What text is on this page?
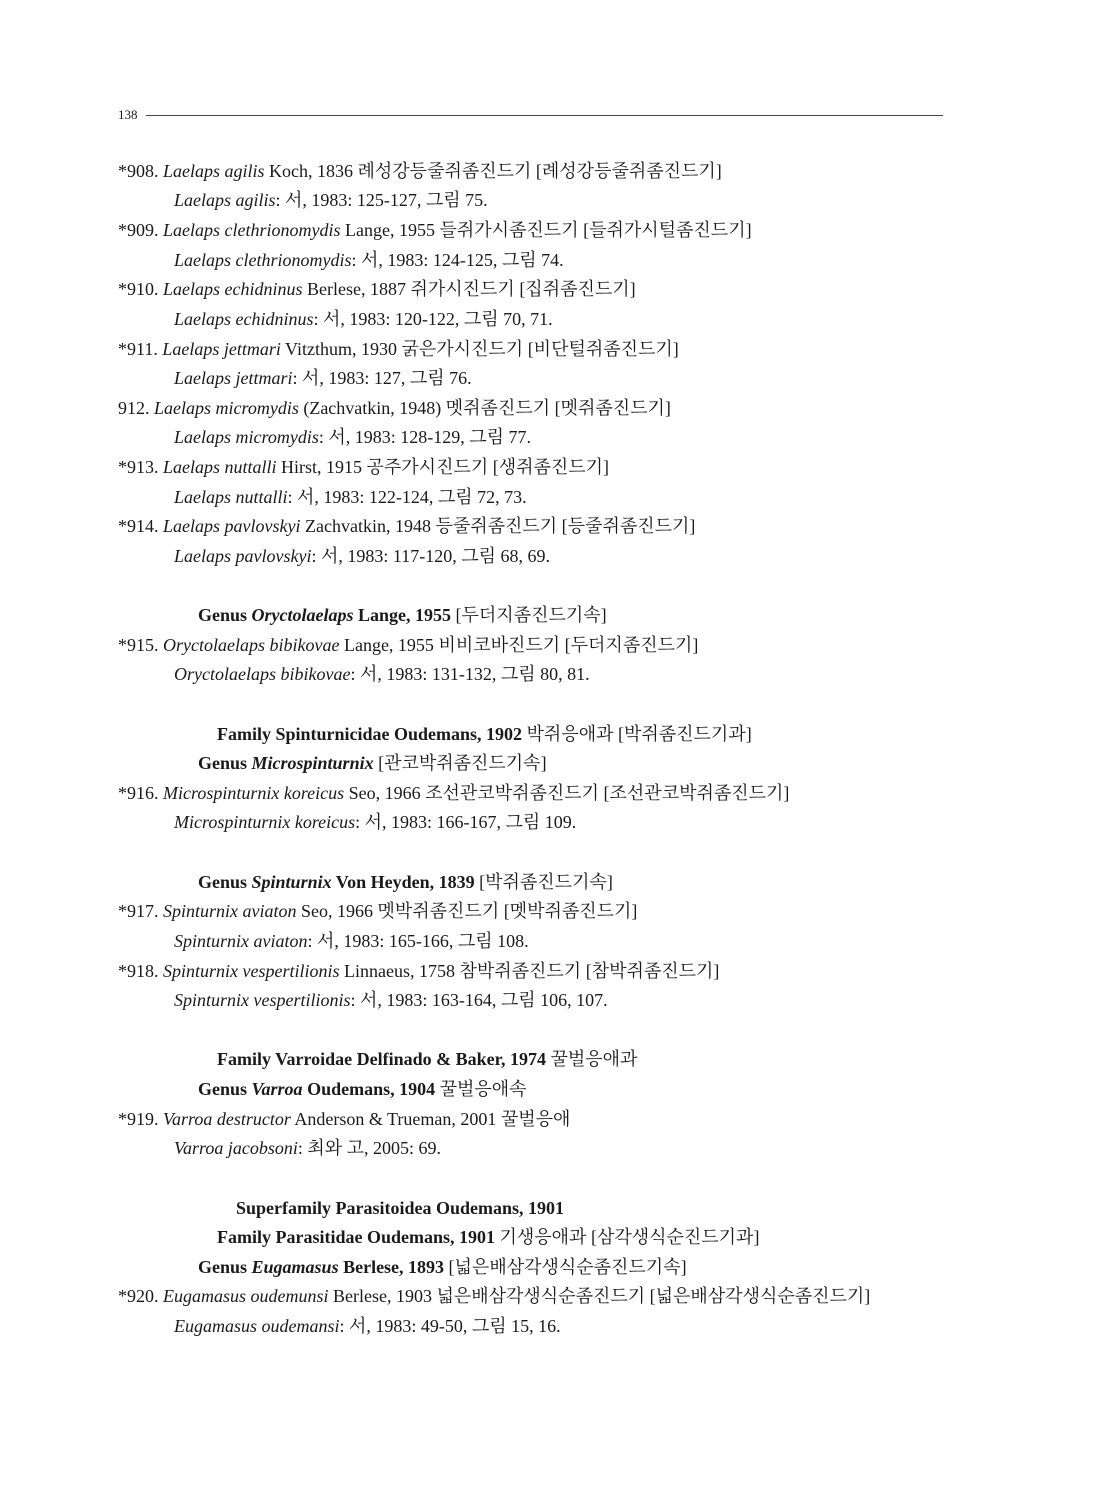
138
*908. Laelaps agilis Koch, 1836 례성강등줄쥐좀진드기 [례성강등줄쥐좀진드기]
Laelaps agilis: 서, 1983: 125-127, 그림 75.
*909. Laelaps clethrionomydis Lange, 1955 들쥐가시좀진드기 [들쥐가시털좀진드기]
Laelaps clethrionomydis: 서, 1983: 124-125, 그림 74.
*910. Laelaps echidninus Berlese, 1887 쥐가시진드기 [집쥐좀진드기]
Laelaps echidninus: 서, 1983: 120-122, 그림 70, 71.
*911. Laelaps jettmari Vitzthum, 1930 굵은가시진드기 [비단털쥐좀진드기]
Laelaps jettmari: 서, 1983: 127, 그림 76.
912. Laelaps micromydis (Zachvatkin, 1948) 멧쥐좀진드기 [멧쥐좀진드기]
Laelaps micromydis: 서, 1983: 128-129, 그림 77.
*913. Laelaps nuttalli Hirst, 1915 공주가시진드기 [생쥐좀진드기]
Laelaps nuttalli: 서, 1983: 122-124, 그림 72, 73.
*914. Laelaps pavlovskyi Zachvatkin, 1948 등줄쥐좀진드기 [등줄쥐좀진드기]
Laelaps pavlovskyi: 서, 1983: 117-120, 그림 68, 69.
Genus Oryctolaelaps Lange, 1955 [두더지좀진드기속]
*915. Oryctolaelaps bibikovae Lange, 1955 비비코바진드기 [두더지좀진드기]
Oryctolaelaps bibikovae: 서, 1983: 131-132, 그림 80, 81.
Family Spinturnicidae Oudemans, 1902 박쥐응애과 [박쥐좀진드기과]
Genus Microspinturnix [관코박쥐좀진드기속]
*916. Microspinturnix koreicus Seo, 1966 조선관코박쥐좀진드기 [조선관코박쥐좀진드기]
Microspinturnix koreicus: 서, 1983: 166-167, 그림 109.
Genus Spinturnix Von Heyden, 1839 [박쥐좀진드기속]
*917. Spinturnix aviaton Seo, 1966 멧박쥐좀진드기 [멧박쥐좀진드기]
Spinturnix aviaton: 서, 1983: 165-166, 그림 108.
*918. Spinturnix vespertilionis Linnaeus, 1758 참박쥐좀진드기 [참박쥐좀진드기]
Spinturnix vespertilionis: 서, 1983: 163-164, 그림 106, 107.
Family Varroidae Delfinado & Baker, 1974 꿀벌응애과
Genus Varroa Oudemans, 1904 꿀벌응애속
*919. Varroa destructor Anderson & Trueman, 2001 꿀벌응애
Varroa jacobsoni: 최와 고, 2005: 69.
Superfamily Parasitoidea Oudemans, 1901
Family Parasitidae Oudemans, 1901 기생응애과 [삼각생식순진드기과]
Genus Eugamasus Berlese, 1893 [넓은배삼각생식순좀진드기속]
*920. Eugamasus oudemunsi Berlese, 1903 넓은배삼각생식순좀진드기 [넓은배삼각생식순좀진드기]
Eugamasus oudemansi: 서, 1983: 49-50, 그림 15, 16.
